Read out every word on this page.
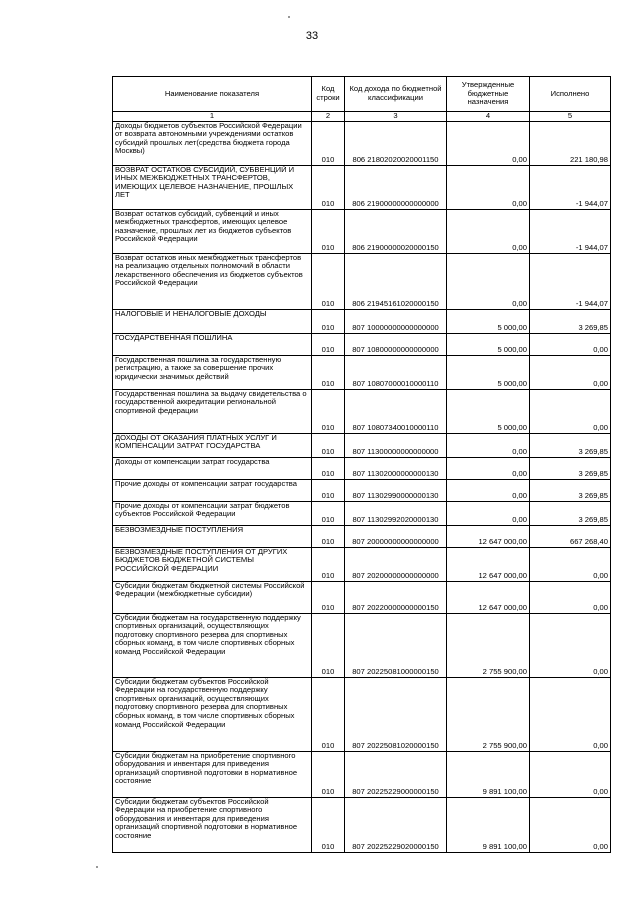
33
Наименование показателя	Код строки	Код дохода по бюджетной классификации	Утвержденные бюджетные назначения	Исполнено
1	2	3	4	5
Доходы бюджетов субъектов Российской Федерации от возврата автономными учреждениями остатков субсидий прошлых лет(средства бюджета города Москвы)	010	806 21802020020001150	0,00	221 180,98
ВОЗВРАТ ОСТАТКОВ СУБСИДИЙ, СУБВЕНЦИЙ И ИНЫХ МЕЖБЮДЖЕТНЫХ ТРАНСФЕРТОВ, ИМЕЮЩИХ ЦЕЛЕВОЕ НАЗНАЧЕНИЕ, ПРОШЛЫХ ЛЕТ	010	806 21900000000000000	0,00	-1 944,07
Возврат остатков субсидий, субвенций и иных межбюджетных трансфертов, имеющих целевое назначение, прошлых лет из бюджетов субъектов Российской Федерации	010	806 21900000020000150	0,00	-1 944,07
Возврат остатков иных межбюджетных трансфертов на реализацию отдельных полномочий в области лекарственного обеспечения из бюджетов субъектов Российской Федерации	010	806 21945161020000150	0,00	-1 944,07
НАЛОГОВЫЕ И НЕНАЛОГОВЫЕ ДОХОДЫ	010	807 10000000000000000	5 000,00	3 269,85
ГОСУДАРСТВЕННАЯ ПОШЛИНА	010	807 10800000000000000	5 000,00	0,00
Государственная пошлина за государственную регистрацию, а также за совершение прочих юридически значимых действий	010	807 10807000010000110	5 000,00	0,00
Государственная пошлина за выдачу свидетельства о государственной аккредитации региональной спортивной федерации	010	807 10807340010000110	5 000,00	0,00
ДОХОДЫ ОТ ОКАЗАНИЯ ПЛАТНЫХ УСЛУГ И КОМПЕНСАЦИИ ЗАТРАТ ГОСУДАРСТВА	010	807 11300000000000000	0,00	3 269,85
Доходы от компенсации затрат государства	010	807 11302000000000130	0,00	3 269,85
Прочие доходы от компенсации затрат государства	010	807 11302990000000130	0,00	3 269,85
Прочие доходы от компенсации затрат бюджетов субъектов Российской Федерации	010	807 11302992020000130	0,00	3 269,85
БЕЗВОЗМЕЗДНЫЕ ПОСТУПЛЕНИЯ	010	807 20000000000000000	12 647 000,00	667 268,40
БЕЗВОЗМЕЗДНЫЕ ПОСТУПЛЕНИЯ ОТ ДРУГИХ БЮДЖЕТОВ БЮДЖЕТНОЙ СИСТЕМЫ РОССИЙСКОЙ ФЕДЕРАЦИИ	010	807 20200000000000000	12 647 000,00	0,00
Субсидии бюджетам бюджетной системы Российской Федерации (межбюджетные субсидии)	010	807 20220000000000150	12 647 000,00	0,00
Субсидии бюджетам на государственную поддержку спортивных организаций, осуществляющих подготовку спортивного резерва для спортивных сборных команд, в том числе спортивных сборных команд Российской Федерации	010	807 20225081000000150	2 755 900,00	0,00
Субсидии бюджетам субъектов Российской Федерации на государственную поддержку спортивных организаций, осуществляющих подготовку спортивного резерва для спортивных сборных команд, в том числе спортивных сборных команд Российской Федерации	010	807 20225081020000150	2 755 900,00	0,00
Субсидии бюджетам на приобретение спортивного оборудования и инвентаря для приведения организаций спортивной подготовки в нормативное состояние	010	807 20225229000000150	9 891 100,00	0,00
Субсидии бюджетам субъектов Российской Федерации на приобретение спортивного оборудования и инвентаря для приведения организаций спортивной подготовки в нормативное состояние	010	807 20225229020000150	9 891 100,00	0,00
